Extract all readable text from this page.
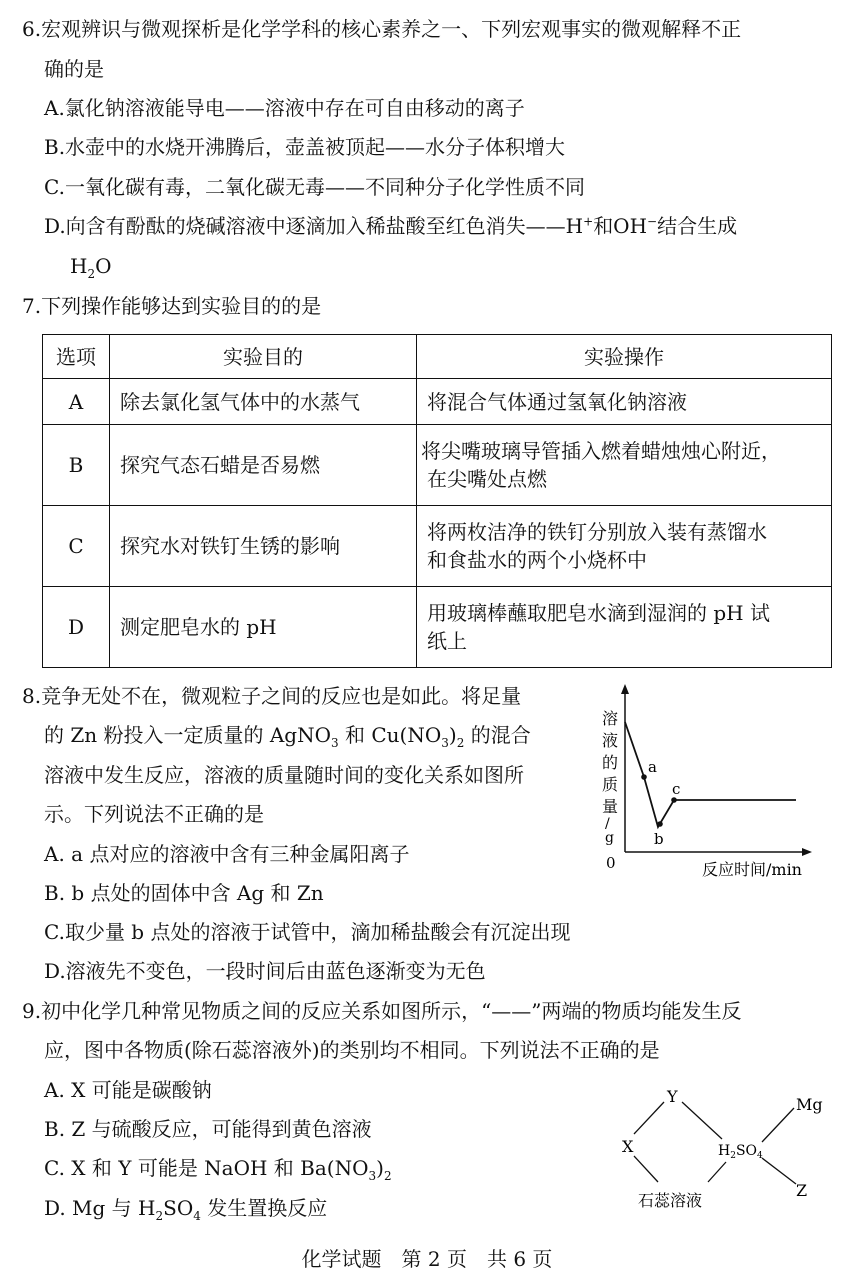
6.宏观辨识与微观探析是化学学科的核心素养之一、下列宏观事实的微观解释不正
确的是
A.氯化钠溶液能导电——溶液中存在可自由移动的离子
B.水壶中的水烧开沸腾后，壶盖被顶起——水分子体积增大
C.一氧化碳有毒，二氧化碳无毒——不同种分子化学性质不同
D.向含有酚酞的烧碱溶液中逐滴加入稀盐酸至红色消失——H+和OH−结合生成
$H_2O$
7.下列操作能够达到实验目的的是
选项	实验目的	实验操作
A	除去氯化氢气体中的水蒸气	将混合气体通过氢氧化钠溶液

B	探究气态石蜡是否易燃	将尖嘴玻璃导管插入燃着蜡烛烛心附近，
在尖嘴处点燃

C	探究水对铁钉生锈的影响	将两枚洁净的铁钉分别放入装有蒸馏水
和食盐水的两个小烧杯中

D	测定肥皂水的 pH	用玻璃棒蘸取肥皂水滴到湿润的 pH 试
纸上
8.竞争无处不在，微观粒子之间的反应也是如此。将足量
的 Zn 粉投入一定质量的 AgNO$_3$ 和 $Cu(NO_3)_2$ 的混合
溶液中发生反应，溶液的质量随时间的变化关系如图所
示。下列说法不正确的是
A. a 点对应的溶液中含有三种金属阳离子
B. b 点处的固体中含 Ag 和 Zn
C.取少量 b 点处的溶液于试管中，滴加稀盐酸会有沉淀出现
D.溶液先不变色，一段时间后由蓝色逐渐变为无色
a
b
c
溶
液
的
质
量
/
g
0	反应时间/min
9.初中化学几种常见物质之间的反应关系如图所示，“——”两端的物质均能发生反
应，图中各物质(除石蕊溶液外)的类别均不相同。下列说法不正确的是
A. X 可能是碳酸钠
B. Z 与硫酸反应，可能得到黄色溶液
C. X 和 Y 可能是 NaOH 和 $Ba(NO_3)_2$
D. Mg 与 $H_2SO_4$ 发生置换反应
Y
X
Mg
Z
$H_2SO_4$
石蕊溶液
化学试题　第 2 页　共 6 页
